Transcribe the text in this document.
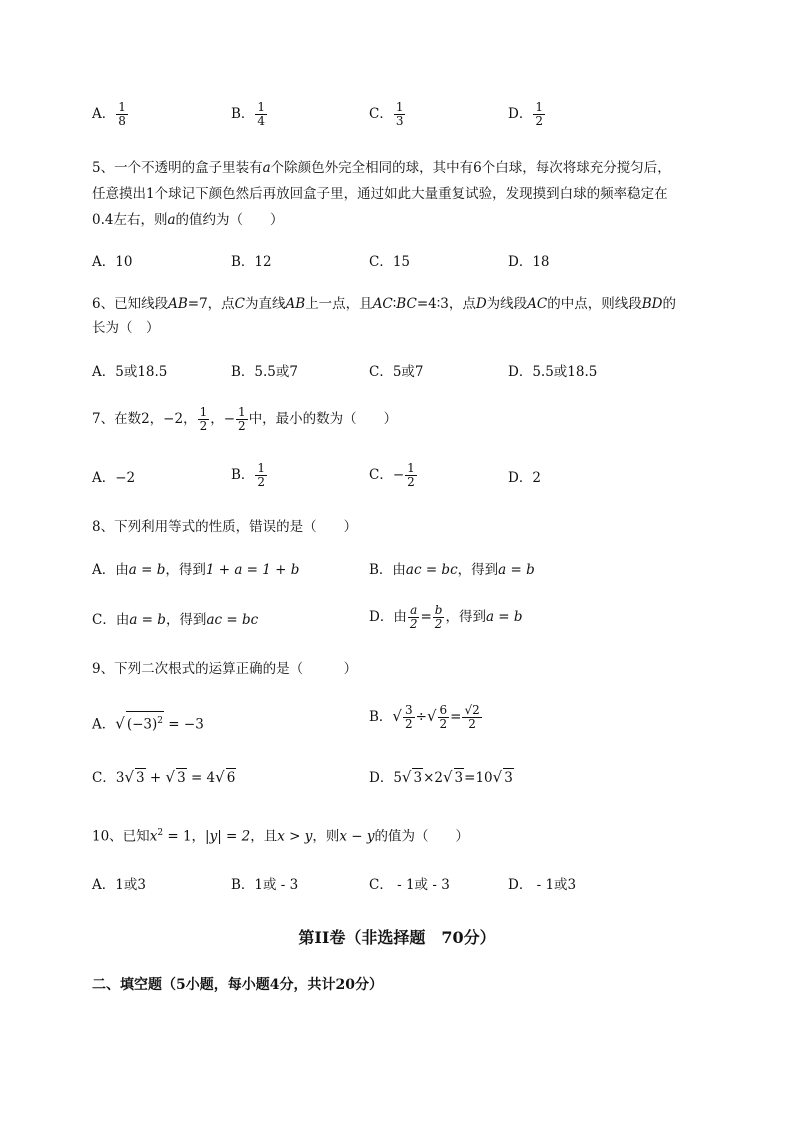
A． $\frac{1}{8}$	B． $\frac{1}{4}$	C． $\frac{1}{3}$	D． $\frac{1}{2}$
5、一个不透明的盒子里装有a个除颜色外完全相同的球，其中有6个白球，每次将球充分搅匀后，
任意摸出1个球记下颜色然后再放回盒子里，通过如此大量重复试验，发现摸到白球的频率稳定在
0.4左右，则a的值约为（　　）
A．10	B．12	C．15	D．18
6、已知线段AB=7，点C为直线AB上一点，且AC∶BC=4∶3，点D为线段AC的中点，则线段BD的
长为（　）
A．5或18.5	B．5.5或7	C．5或7	D．5.5或18.5
7、在数2，−2， $\frac{1}{2}$ ，− $\frac{1}{2}$ 中，最小的数为（　　）
A．−2	B． $\frac{1}{2}$	C．− $\frac{1}{2}$	D．2
8、下列利用等式的性质，错误的是（　　）
A．由a = b，得到1 + a = 1 + b	B．由ac = bc，得到a = b
C．由a = b，得到ac = bc	D．由 $\frac{a}{2} = \frac{b}{2}$ ，得到a = b
9、下列二次根式的运算正确的是（　　　）
A．√ $(-3)^2 = -3$	B．√ $\frac{3}{2}$ ÷√ $\frac{6}{2} = \frac{√2}{2}$
C．3√ 3 + √ 3 = 4√ 6	D．5√ 3×2√ 3=10√ 3
10、已知$x^2 = 1$，|y| = 2，且x > y，则x − y的值为（　　）
A．1或3	B．1或 - 3	C． - 1或 - 3	D． - 1或3
第II卷（非选择题　70分）
二、填空题（5小题，每小题4分，共计20分）
